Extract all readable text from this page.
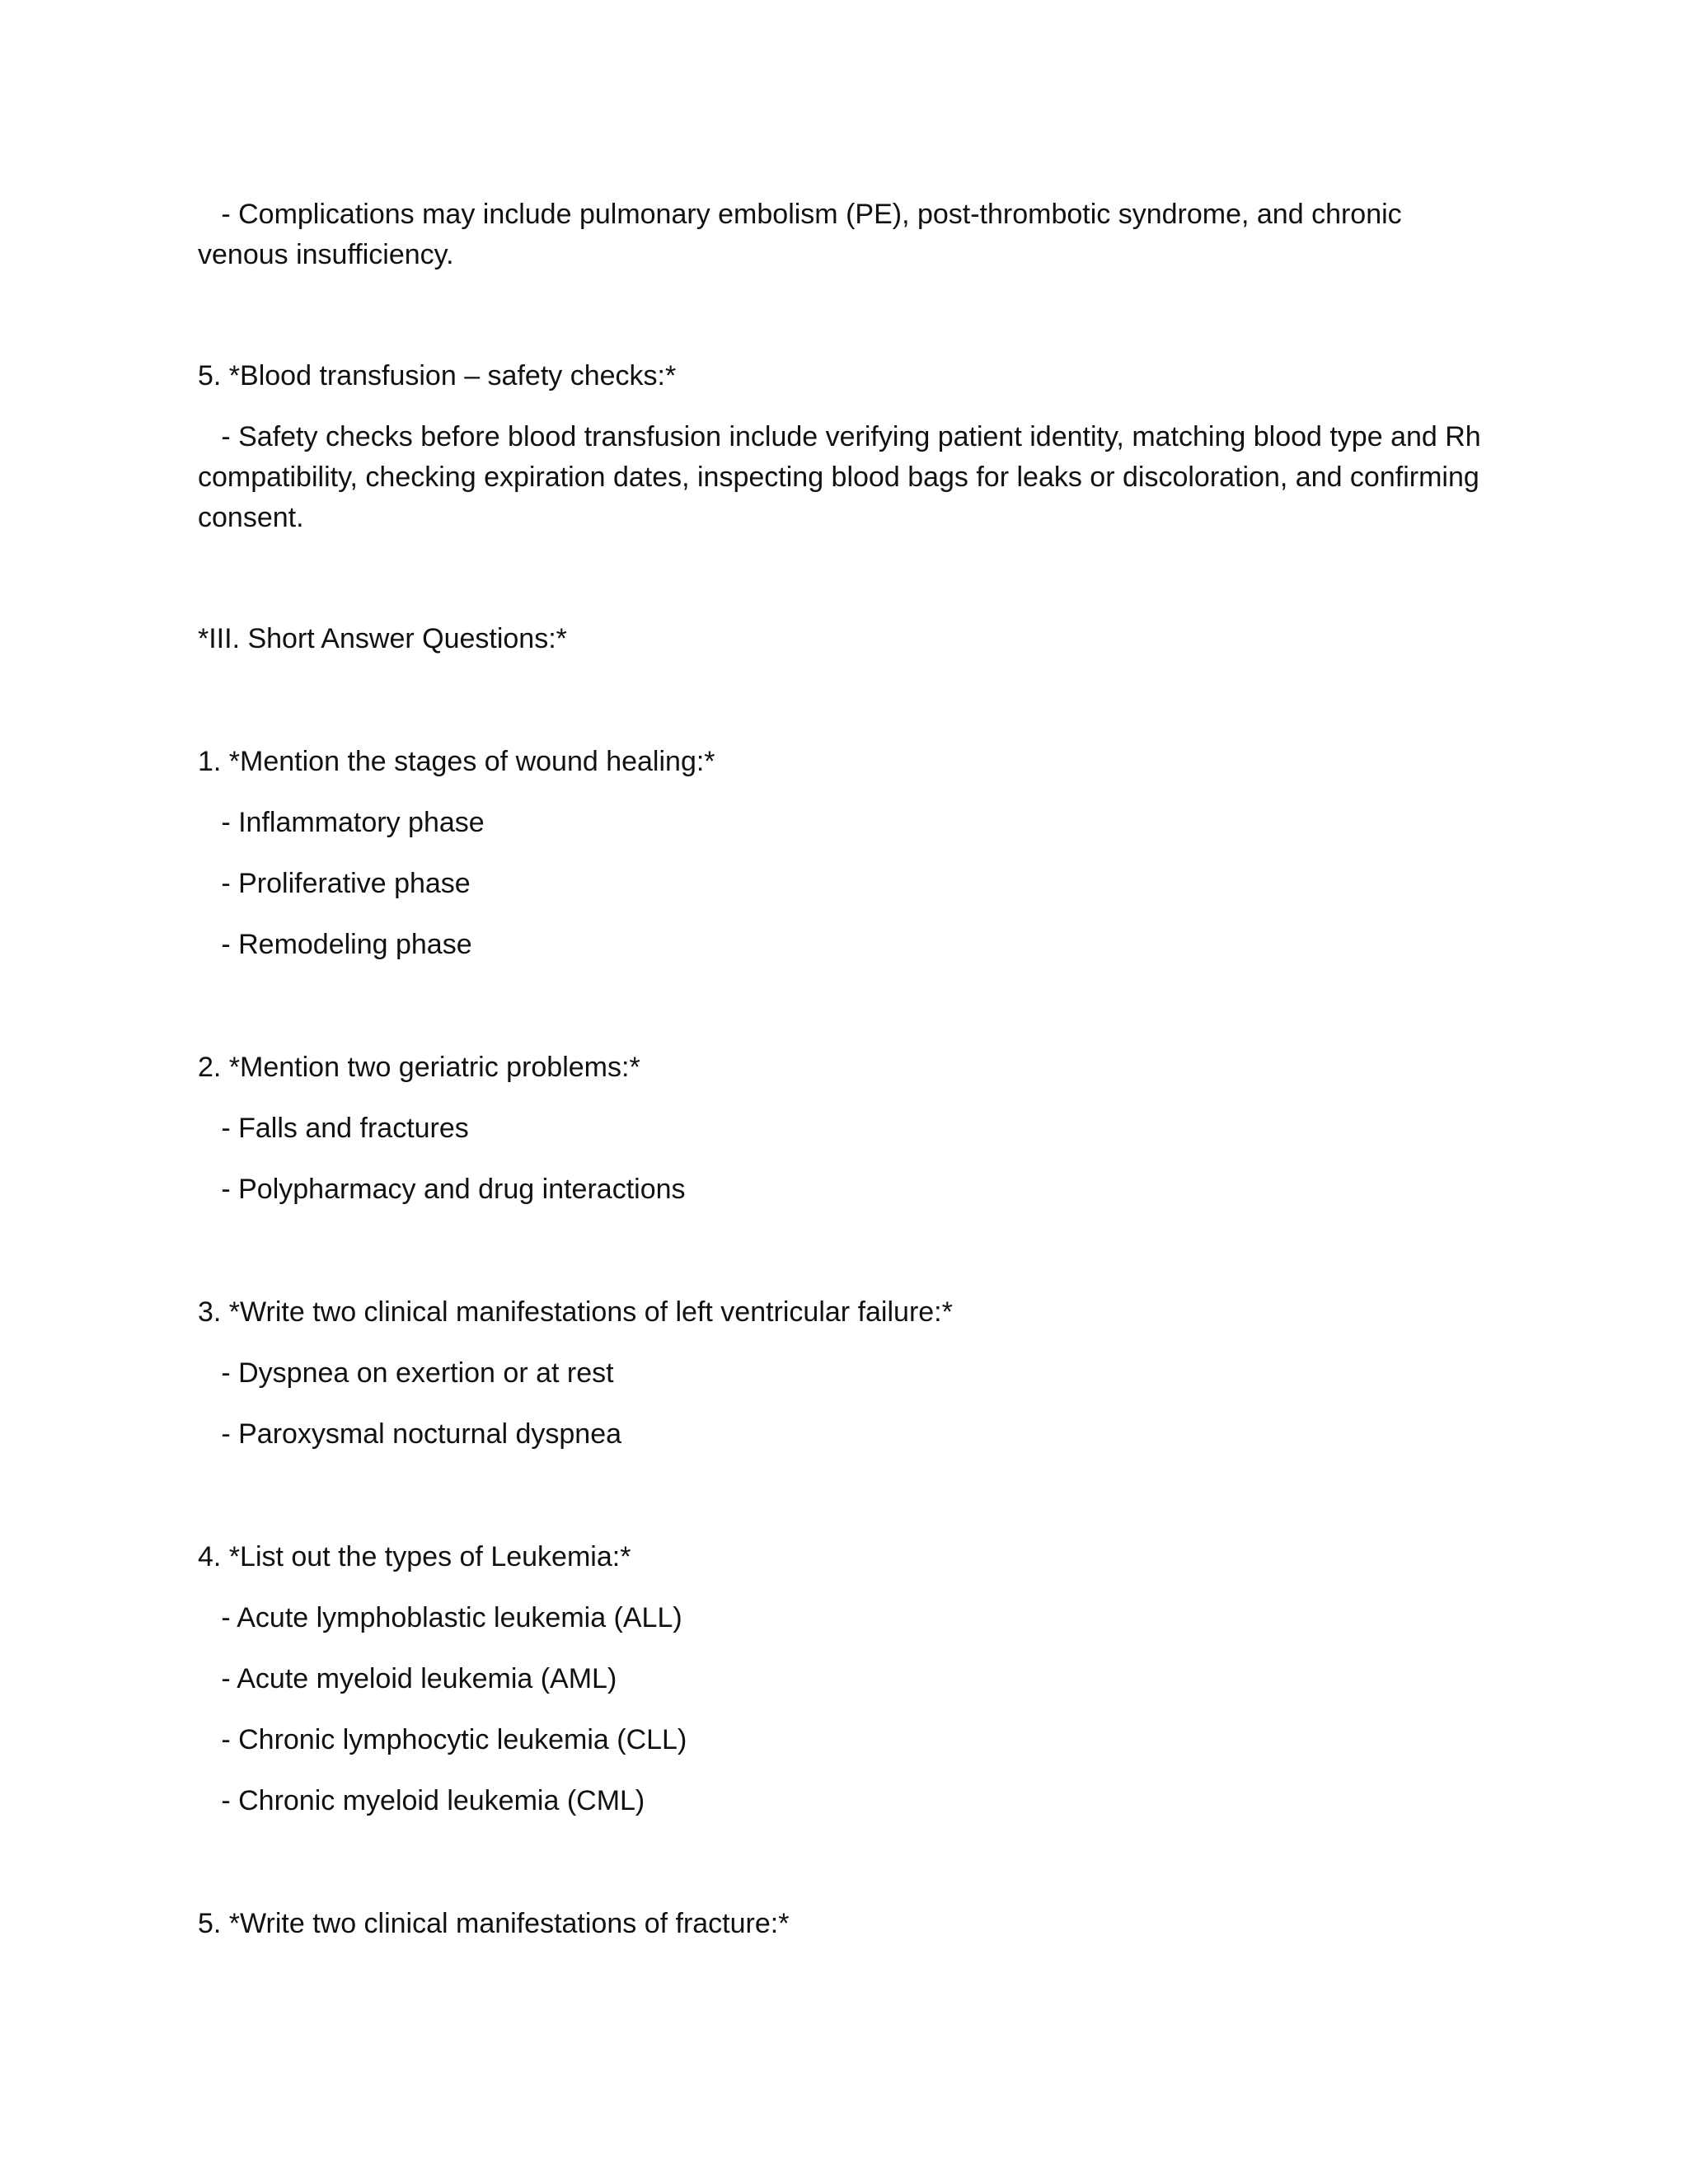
- Complications may include pulmonary embolism (PE), post-thrombotic syndrome, and chronic
venous insufficiency.
5. *Blood transfusion – safety checks:*
- Safety checks before blood transfusion include verifying patient identity, matching blood type and Rh
compatibility, checking expiration dates, inspecting blood bags for leaks or discoloration, and confirming
consent.
*III. Short Answer Questions:*
1. *Mention the stages of wound healing:*
- Inflammatory phase
- Proliferative phase
- Remodeling phase
2. *Mention two geriatric problems:*
- Falls and fractures
- Polypharmacy and drug interactions
3. *Write two clinical manifestations of left ventricular failure:*
- Dyspnea on exertion or at rest
- Paroxysmal nocturnal dyspnea
4. *List out the types of Leukemia:*
- Acute lymphoblastic leukemia (ALL)
- Acute myeloid leukemia (AML)
- Chronic lymphocytic leukemia (CLL)
- Chronic myeloid leukemia (CML)
5. *Write two clinical manifestations of fracture:*
